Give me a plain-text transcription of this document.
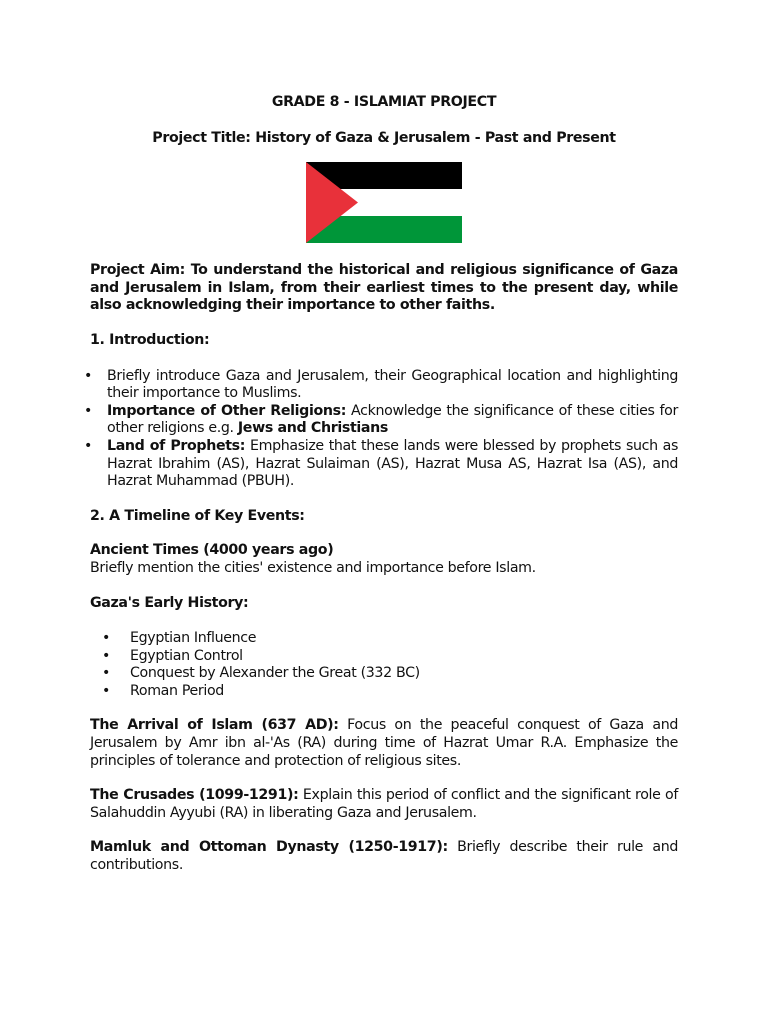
GRADE 8 - ISLAMIAT PROJECT

Project Title: History of Gaza & Jerusalem - Past and Present

Project Aim: To understand the historical and religious significance of Gaza and Jerusalem in Islam, from their earliest times to the present day, while also acknowledging their importance to other faiths.

1. Introduction:

• Briefly introduce Gaza and Jerusalem, their Geographical location and highlighting their importance to Muslims.
• Importance of Other Religions: Acknowledge the significance of these cities for other religions e.g. Jews and Christians
• Land of Prophets: Emphasize that these lands were blessed by prophets such as Hazrat Ibrahim (AS), Hazrat Sulaiman (AS), Hazrat Musa AS, Hazrat Isa (AS), and Hazrat Muhammad (PBUH).

2. A Timeline of Key Events:

Ancient Times (4000 years ago)

Briefly mention the cities' existence and importance before Islam.

Gaza's Early History:

• Egyptian Influence
• Egyptian Control
• Conquest by Alexander the Great (332 BC)
• Roman Period

The Arrival of Islam (637 AD): Focus on the peaceful conquest of Gaza and Jerusalem by Amr ibn al-'As (RA) during time of Hazrat Umar R.A. Emphasize the principles of tolerance and protection of religious sites.

The Crusades (1099-1291): Explain this period of conflict and the significant role of Salahuddin Ayyubi (RA) in liberating Gaza and Jerusalem.

Mamluk and Ottoman Dynasty (1250-1917): Briefly describe their rule and contributions.
